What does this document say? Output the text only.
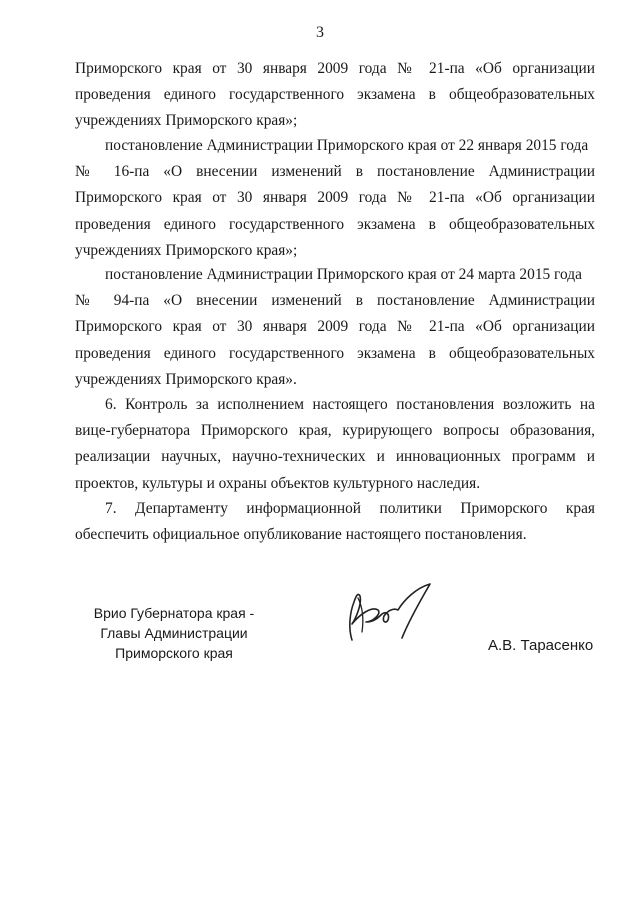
3

Приморского края от 30 января 2009 года № 21-па «Об организации проведения единого государственного экзамена в общеобразовательных учреждениях Приморского края»;

постановление Администрации Приморского края от 22 января 2015 года

№ 16-па «О внесении изменений в постановление Администрации

Приморского края от 30 января 2009 года № 21-па «Об организации проведения единого государственного экзамена в общеобразовательных учреждениях Приморского края»;

постановление Администрации Приморского края от 24 марта 2015 года

№ 94-па «О внесении изменений в постановление Администрации

Приморского края от 30 января 2009 года № 21-па «Об организации проведения единого государственного экзамена в общеобразовательных учреждениях Приморского края».

6. Контроль за исполнением настоящего постановления возложить на вице-губернатора Приморского края, курирующего вопросы образования, реализации научных, научно-технических и инновационных программ и проектов, культуры и охраны объектов культурного наследия.

7. Департаменту информационной политики Приморского края обеспечить официальное опубликование настоящего постановления.

Врио Губернатора края -
Главы Администрации
Приморского края	А.В. Тарасенко
